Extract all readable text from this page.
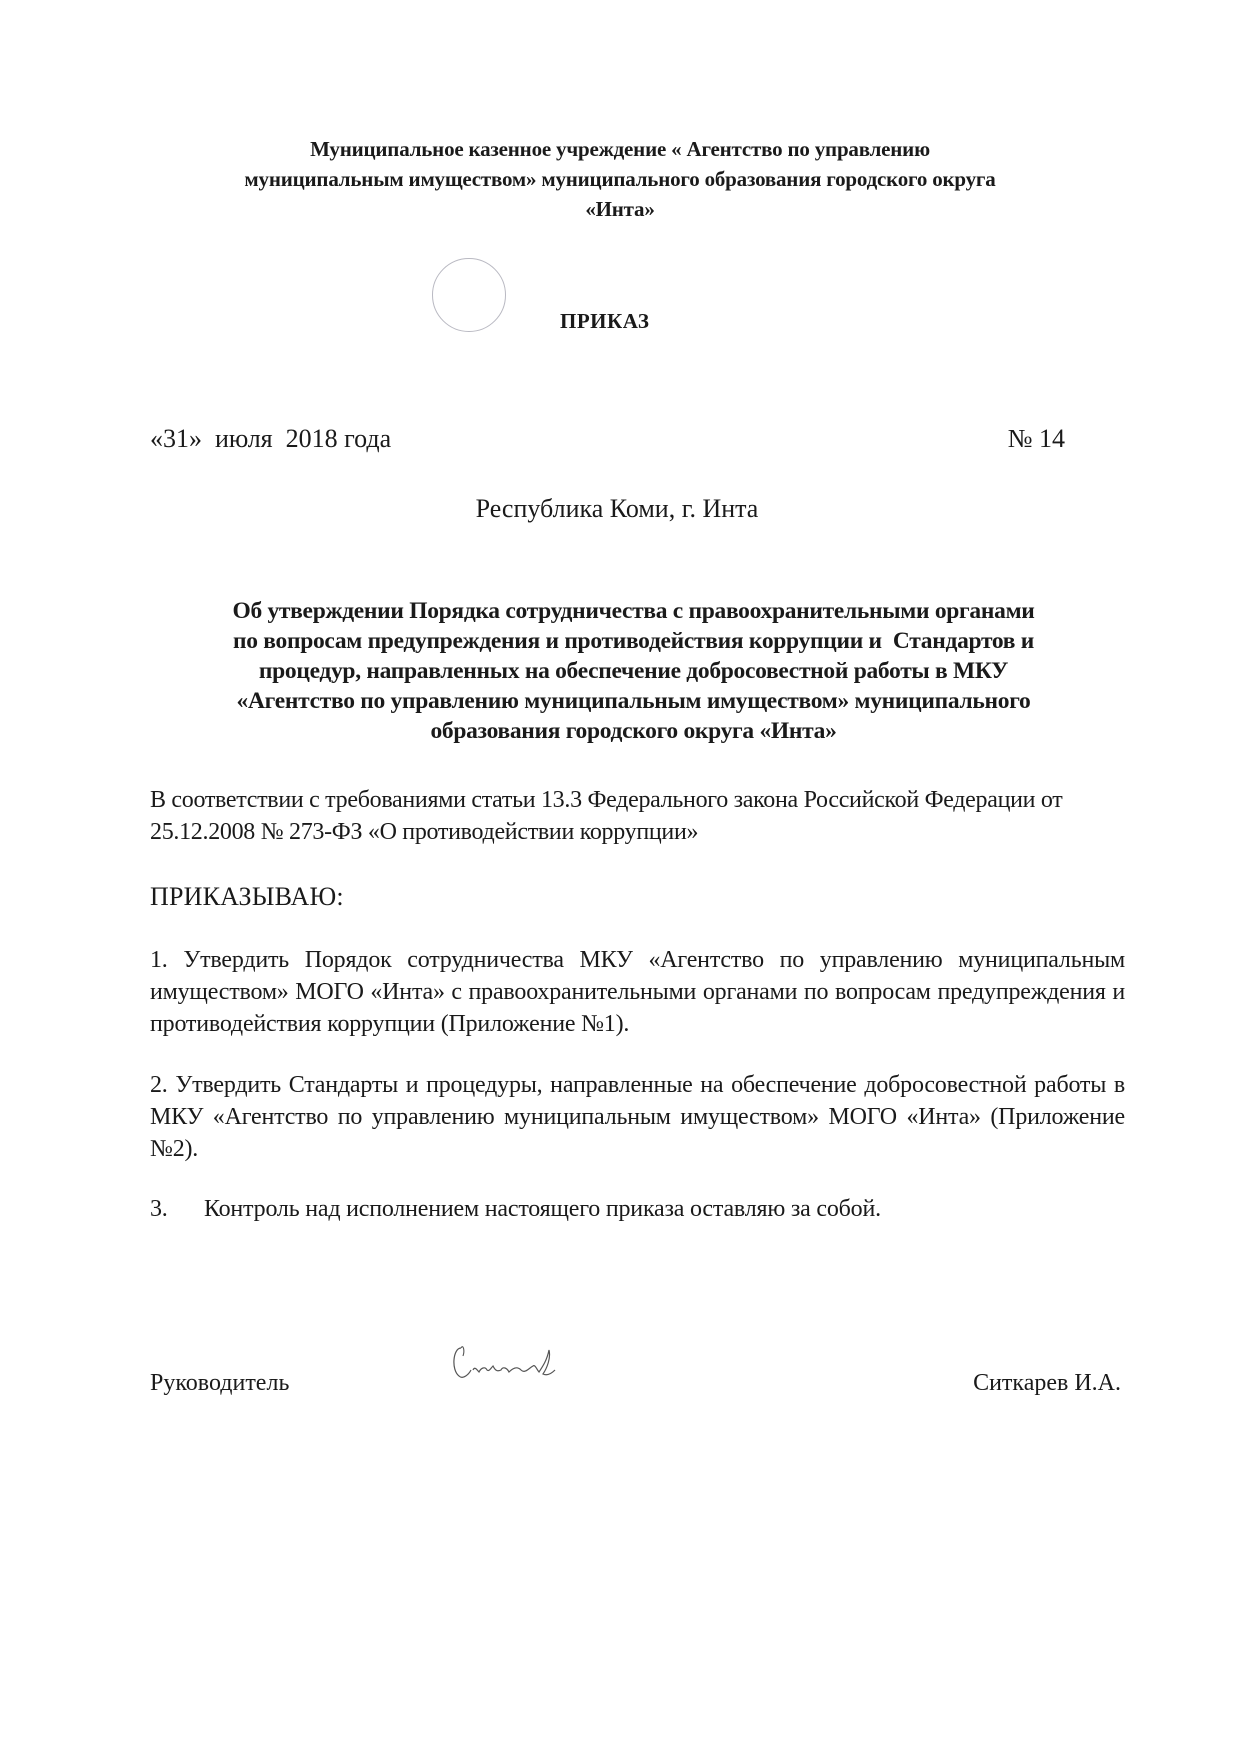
Муниципальное казенное учреждение « Агентство по управлению
муниципальным имуществом» муниципального образования городского округа
«Инта»
ПРИКАЗ
«31»  июля  2018 года	№ 14
Республика Коми, г. Инта
Об утверждении Порядка сотрудничества с правоохранительными органами
по вопросам предупреждения и противодействия коррупции и  Стандартов и
процедур, направленных на обеспечение добросовестной работы в МКУ
«Агентство по управлению муниципальным имуществом» муниципального
образования городского округа «Инта»
В соответствии с требованиями статьи 13.3 Федерального закона Российской Федерации от 25.12.2008 № 273-ФЗ «О противодействии коррупции»
ПРИКАЗЫВАЮ:
1. Утвердить Порядок сотрудничества МКУ «Агентство по управлению муниципальным имуществом» МОГО «Инта» с правоохранительными органами по вопросам предупреждения и противодействия коррупции (Приложение №1).
2. Утвердить Стандарты и процедуры, направленные на обеспечение добросовестной работы в МКУ «Агентство по управлению муниципальным имуществом» МОГО «Инта» (Приложение №2).
3. Контроль над исполнением настоящего приказа оставляю за собой.
Руководитель	Ситкарев И.А.
